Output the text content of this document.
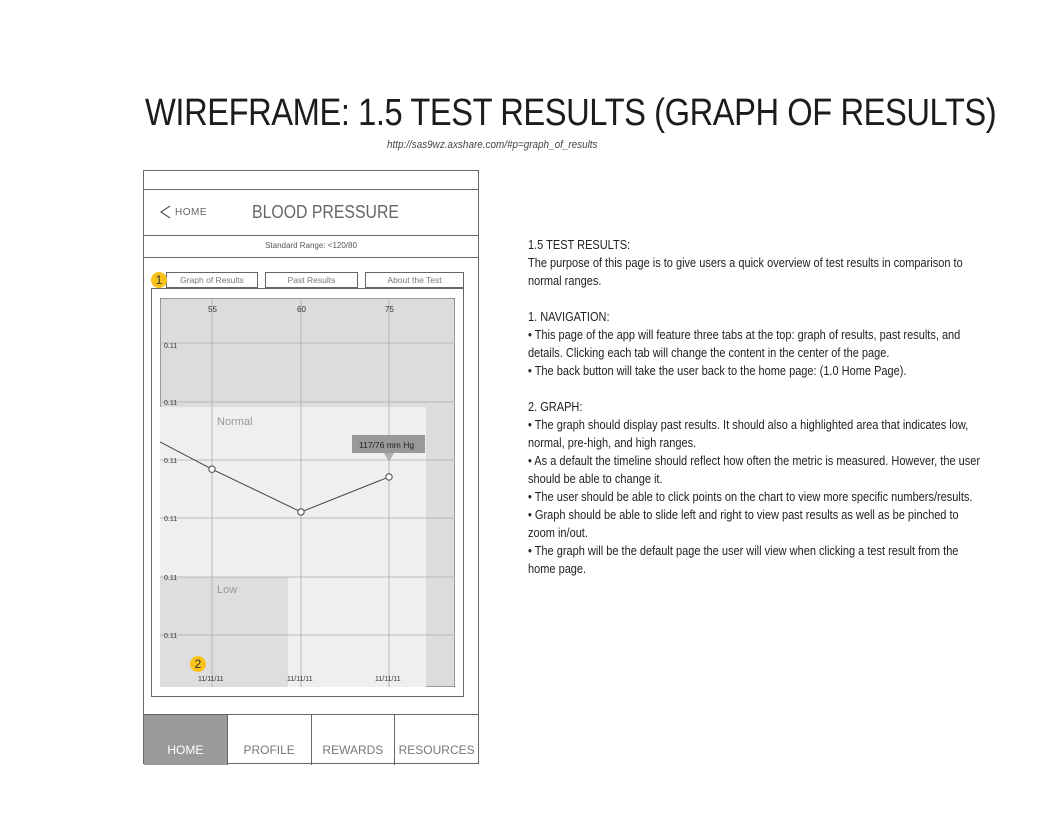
WIREFRAME: 1.5 TEST RESULTS (GRAPH OF RESULTS)
http://sas9wz.axshare.com/#p=graph_of_results
HOME	BLOOD PRESSURE
Standard Range: <120/80
Graph of Results	Past Results	About the Test
1
55	60	75
0.11
0.11
0.11
0.11
0.11
0.11
11/11/11	11/11/11	11/11/11
Normal
Low
117/76 mm Hg
2
HOME	PROFILE	REWARDS	RESOURCES

1.5 TEST RESULTS:

The purpose of this page is to give users a quick overview of test results in comparison to normal ranges.

1. NAVIGATION:

• This page of the app will feature three tabs at the top: graph of results, past results, and details. Clicking each tab will change the content in the center of the page.

• The back button will take the user back to the home page: (1.0 Home Page).

2. GRAPH:

• The graph should display past results. It should also a highlighted area that indicates low, normal, pre-high, and high ranges.

• As a default the timeline should reflect how often the metric is measured. However, the user should be able to change it.

• The user should be able to click points on the chart to view more specific numbers/results.

• Graph should be able to slide left and right to view past results as well as be pinched to zoom in/out.

• The graph will be the default page the user will view when clicking a test result from the home page.
